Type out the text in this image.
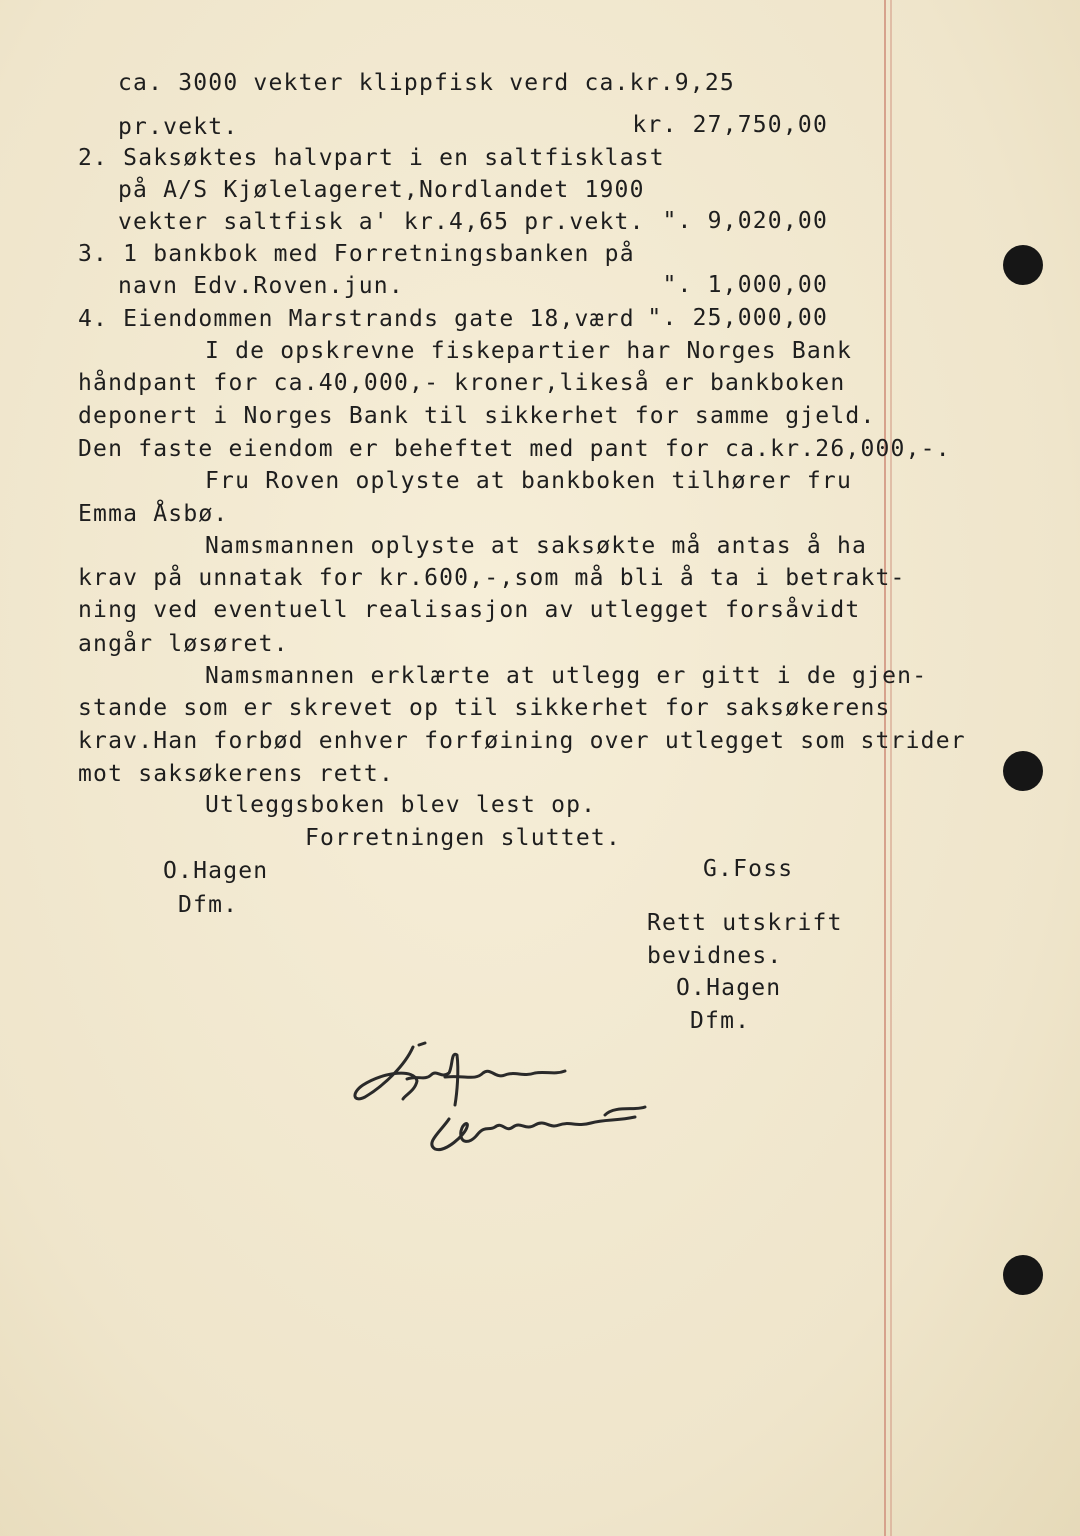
ca. 3000 vekter klippfisk verd ca.kr.9,25
pr.vekt.	kr. 27,750,00
2. Saksøktes halvpart i en saltfisklast
på A/S Kjølelageret,Nordlandet 1900
vekter saltfisk a' kr.4,65 pr.vekt. ". 9,020,00
3. 1 bankbok med Forretningsbanken på
navn Edv.Roven.jun.	". 1,000,00
4. Eiendommen Marstrands gate 18,værd ". 25,000,00
I de opskrevne fiskepartier har Norges Bank
håndpant for ca.40,000,- kroner,likeså er bankboken
deponert i Norges Bank til sikkerhet for samme gjeld.
Den faste eiendom er beheftet med pant for ca.kr.26,000,-.
Fru Roven oplyste at bankboken tilhører fru
Emma Åsbø.
Namsmannen oplyste at saksøkte må antas å ha
krav på unnatak for kr.600,-,som må bli å ta i betrakt-
ning ved eventuell realisasjon av utlegget forsåvidt
angår løsøret.
Namsmannen erklærte at utlegg er gitt i de gjen-
stande som er skrevet op til sikkerhet for saksøkerens
krav.Han forbød enhver forføining over utlegget som strider
mot saksøkerens rett.
Utleggsboken blev lest op.
Forretningen sluttet.
O.Hagen	G.Foss
Dfm.
Rett utskrift
bevidnes.
O.Hagen
Dfm.
